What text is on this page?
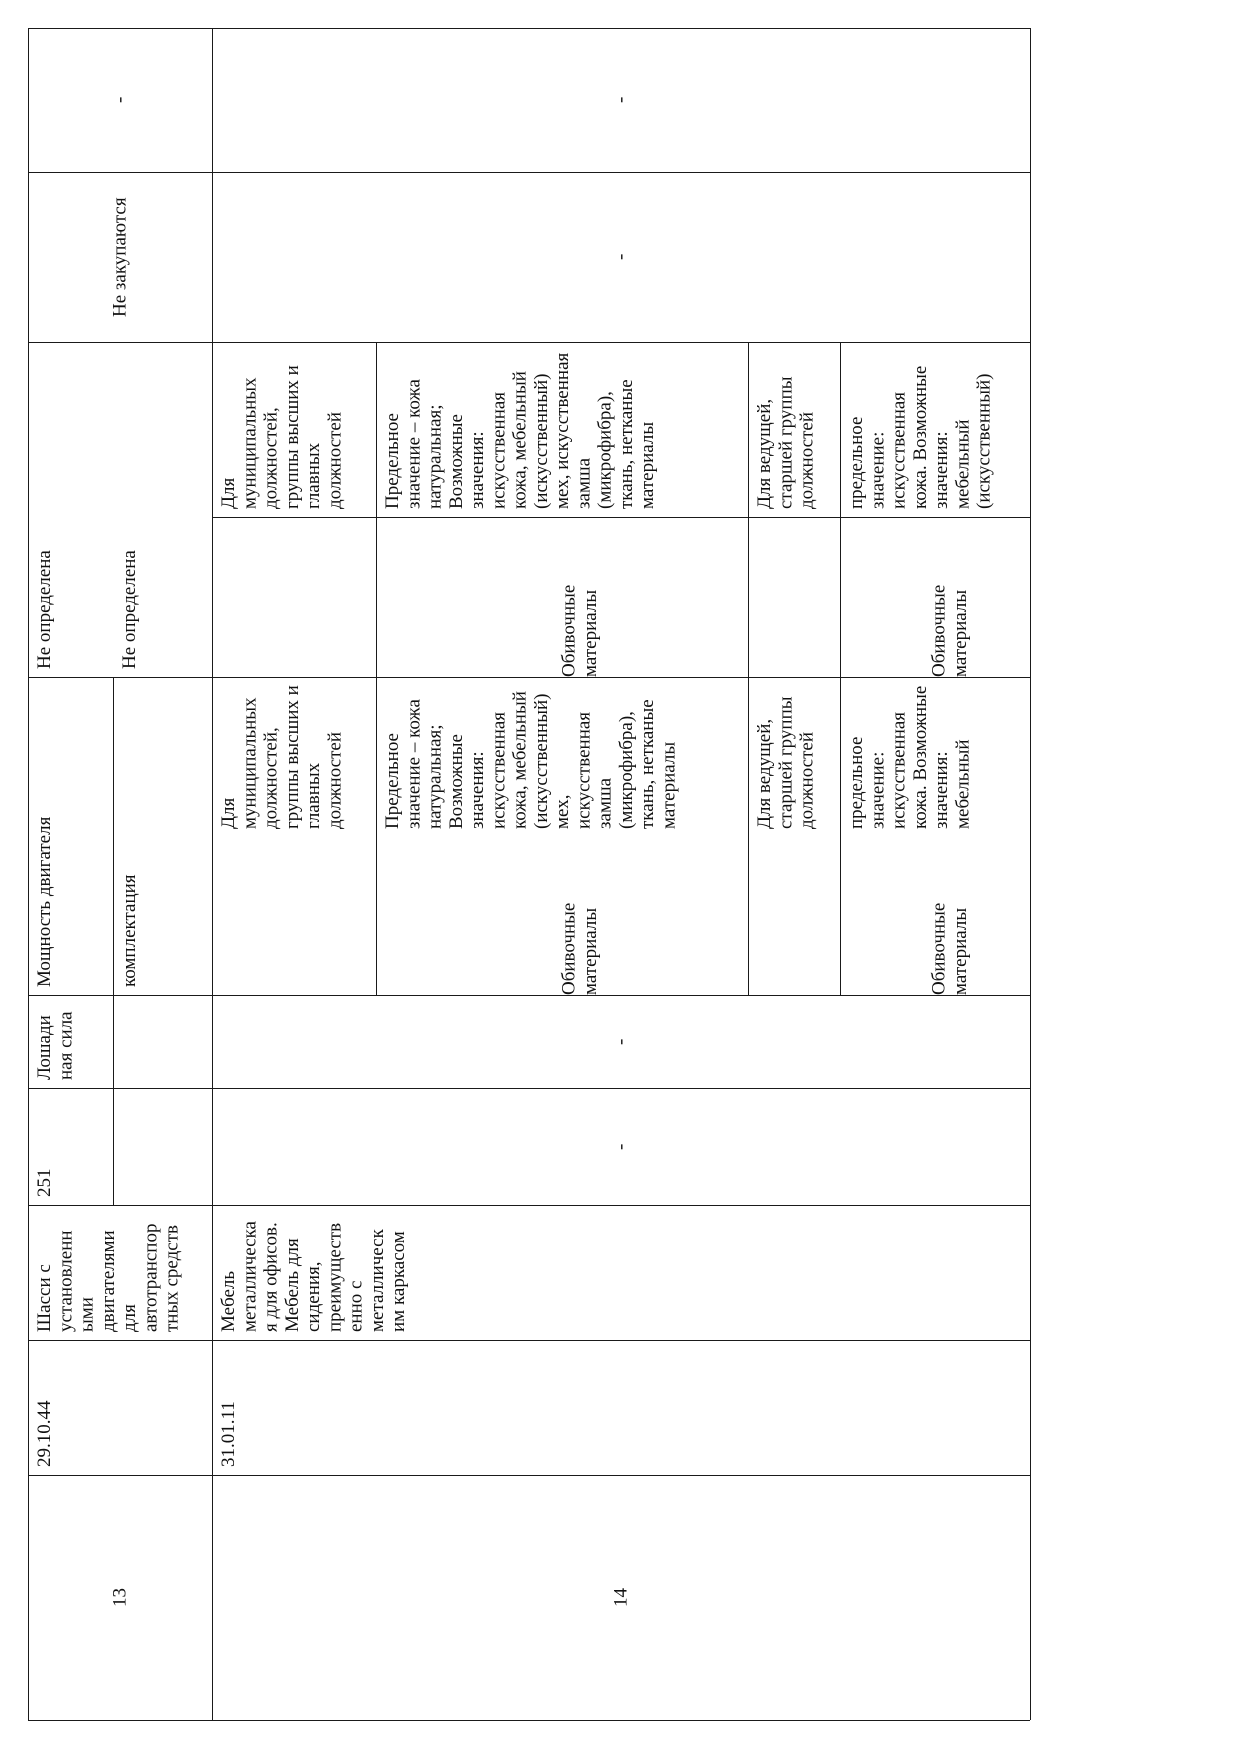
13
29.10.44
Шасси с установленн ыми двигателями для автотранспор тных средств
251
Лошади ная сила
Мощность двигателя	комплектация
Не определена	Не определена
Не закупаются
-
14
31.01.11
Мебель металлическа я для офисов. Мебель для сидения, преимуществ енно с металлическ им каркасом
-
-
Для муниципальных должностей, группы высших и главных должностей Предельное значение – кожа натуральная; Возможные значения: искусственная кожа, мебельный (искусственный) мех, искусственная замша (микрофибра), ткань, нетканые материалы
Обивочные материалы
Для ведущей, старшей группы должностей предельное значение: искусственная кожа. Возможные значения: мебельный
Обивочные материалы
Для муниципальных должностей, группы высших и главных должностей Предельное значение – кожа натуральная; Возможные значения: искусственная кожа, мебельный (искусственный) мех, искусственная замша (микрофибра), ткань, нетканые материалы
Обивочные материалы
Для ведущей, старшей группы должностей предельное значение: искусственная кожа. Возможные значения: мебельный (искусственный)
Обивочные материалы
-
-
